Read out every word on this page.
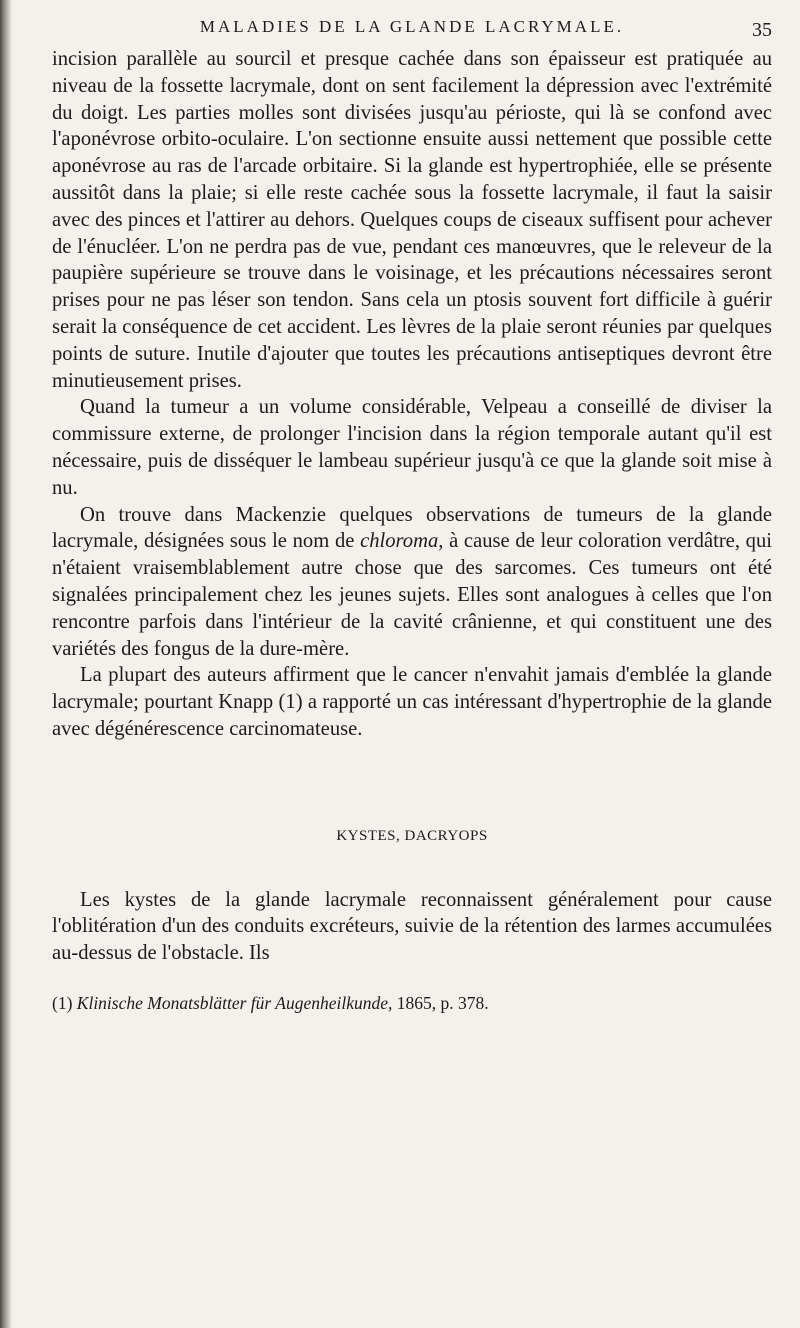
MALADIES DE LA GLANDE LACRYMALE.	35

incision parallèle au sourcil et presque cachée dans son épaisseur est pratiquée au niveau de la fossette lacrymale, dont on sent facilement la dépression avec l'extrémité du doigt. Les parties molles sont divisées jusqu'au périoste, qui là se confond avec l'aponévrose orbito-oculaire. L'on sectionne ensuite aussi nettement que possible cette aponévrose au ras de l'arcade orbitaire. Si la glande est hypertrophiée, elle se présente aussitôt dans la plaie; si elle reste cachée sous la fossette lacrymale, il faut la saisir avec des pinces et l'attirer au dehors. Quelques coups de ciseaux suffisent pour achever de l'énucléer. L'on ne perdra pas de vue, pendant ces manœuvres, que le releveur de la paupière supérieure se trouve dans le voisinage, et les précautions nécessaires seront prises pour ne pas léser son tendon. Sans cela un ptosis souvent fort difficile à guérir serait la conséquence de cet accident. Les lèvres de la plaie seront réunies par quelques points de suture. Inutile d'ajouter que toutes les précautions antiseptiques devront être minutieusement prises.

Quand la tumeur a un volume considérable, Velpeau a conseillé de diviser la commissure externe, de prolonger l'incision dans la région temporale autant qu'il est nécessaire, puis de disséquer le lambeau supérieur jusqu'à ce que la glande soit mise à nu.

On trouve dans Mackenzie quelques observations de tumeurs de la glande lacrymale, désignées sous le nom de chloroma, à cause de leur coloration verdâtre, qui n'étaient vraisemblablement autre chose que des sarcomes. Ces tumeurs ont été signalées principalement chez les jeunes sujets. Elles sont analogues à celles que l'on rencontre parfois dans l'intérieur de la cavité crânienne, et qui constituent une des variétés des fongus de la dure-mère.

La plupart des auteurs affirment que le cancer n'envahit jamais d'emblée la glande lacrymale; pourtant Knapp (1) a rapporté un cas intéressant d'hypertrophie de la glande avec dégénérescence carcinomateuse.

KYSTES, DACRYOPS

Les kystes de la glande lacrymale reconnaissent généralement pour cause l'oblitération d'un des conduits excréteurs, suivie de la rétention des larmes accumulées au-dessus de l'obstacle. Ils

(1) Klinische Monatsblätter für Augenheilkunde, 1865, p. 378.
